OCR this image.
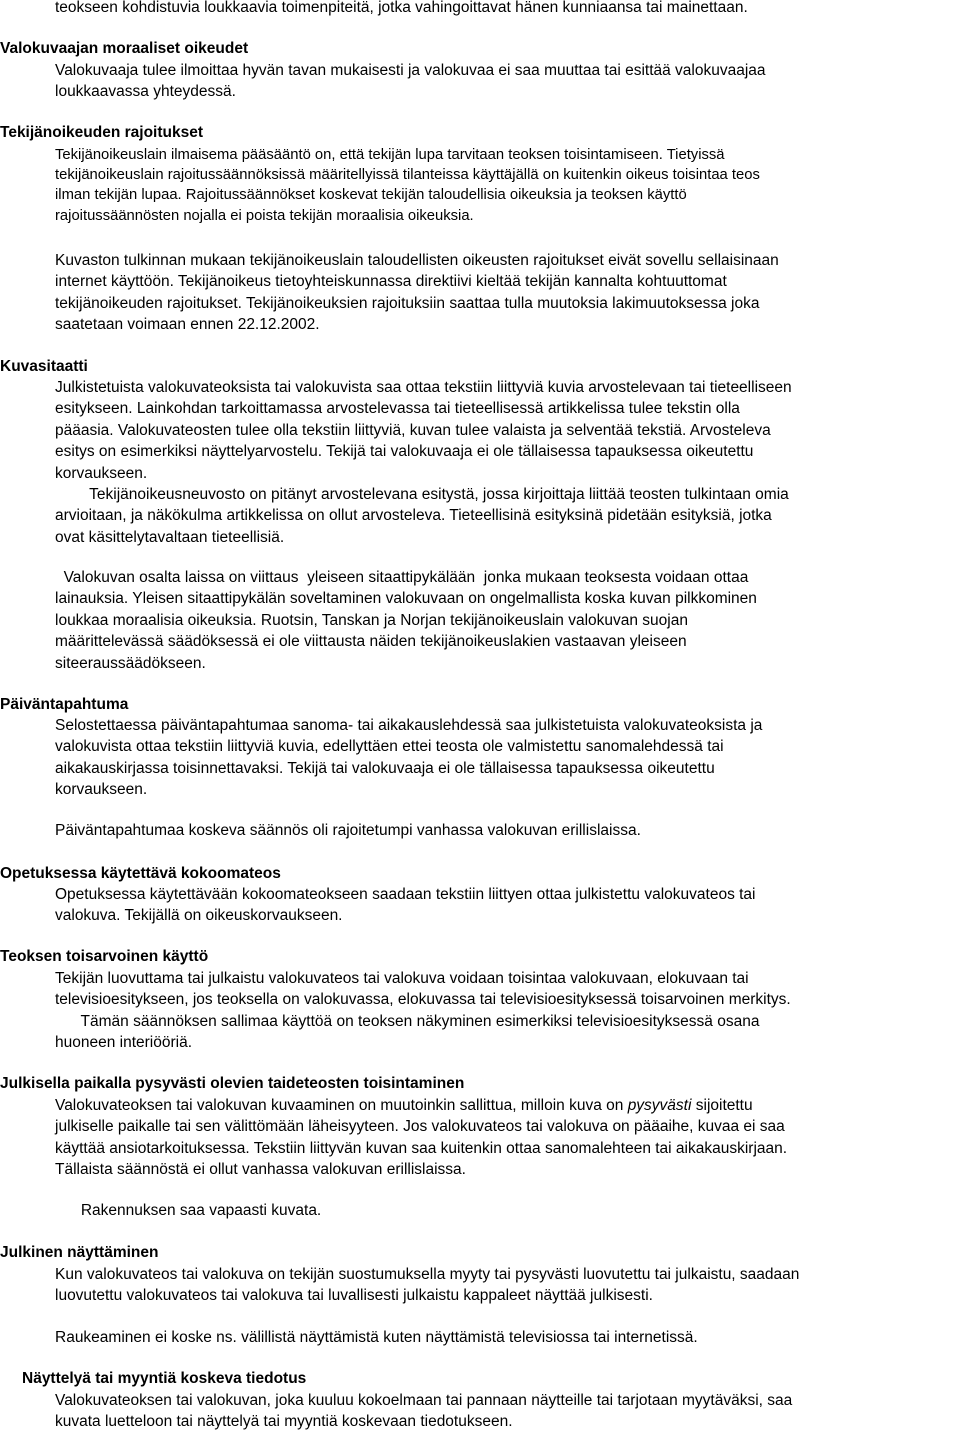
teokseen kohdistuvia loukkaavia toimenpiteitä, jotka vahingoittavat hänen kunniaansa tai mainettaan.

Valokuvaajan moraaliset oikeudet

Valokuvaaja tulee ilmoittaa hyvän tavan mukaisesti ja valokuvaa ei saa muuttaa tai esittää valokuvaajaa
loukkaavassa yhteydessä.

Tekijänoikeuden rajoitukset

Tekijänoikeuslain ilmaisema pääsääntö on, että tekijän lupa tarvitaan teoksen toisintamiseen. Tietyissä
tekijänoikeuslain rajoitussäännöksissä määritellyissä tilanteissa käyttäjällä on kuitenkin oikeus toisintaa teos
ilman tekijän lupaa. Rajoitussäännökset koskevat tekijän taloudellisia oikeuksia ja teoksen käyttö
rajoitussäännösten nojalla ei poista tekijän moraalisia oikeuksia.

Kuvaston tulkinnan mukaan tekijänoikeuslain taloudellisten oikeusten rajoitukset eivät sovellu sellaisinaan
internet käyttöön. Tekijänoikeus tietoyhteiskunnassa direktiivi kieltää tekijän kannalta kohtuuttomat
tekijänoikeuden rajoitukset. Tekijänoikeuksien rajoituksiin saattaa tulla muutoksia lakimuutoksessa joka
saatetaan voimaan ennen 22.12.2002.

Kuvasitaatti

Julkistetuista valokuvateoksista tai valokuvista saa ottaa tekstiin liittyviä kuvia arvostelevaan tai tieteelliseen
esitykseen. Lainkohdan tarkoittamassa arvostelevassa tai tieteellisessä artikkelissa tulee tekstin olla
pääasia. Valokuvateosten tulee olla tekstiin liittyviä, kuvan tulee valaista ja selventää tekstiä. Arvosteleva
esitys on esimerkiksi näyttelyarvostelu. Tekijä tai valokuvaaja ei ole tällaisessa tapauksessa oikeutettu
korvaukseen.
Tekijänoikeusneuvosto on pitänyt arvostelevana esitystä, jossa kirjoittaja liittää teosten tulkintaan omia
arvioitaan, ja näkökulma artikkelissa on ollut arvosteleva. Tieteellisinä esityksinä pidetään esityksiä, jotka
ovat käsittelytavaltaan tieteellisiä.

Valokuvan osalta laissa on viittaus  yleiseen sitaattipykälään  jonka mukaan teoksesta voidaan ottaa
lainauksia. Yleisen sitaattipykälän soveltaminen valokuvaan on ongelmallista koska kuvan pilkkominen
loukkaa moraalisia oikeuksia. Ruotsin, Tanskan ja Norjan tekijänoikeuslain valokuvan suojan
määrittelevässä säädöksessä ei ole viittausta näiden tekijänoikeuslakien vastaavan yleiseen
siteeraussäädökseen.

Päiväntapahtuma

Selostettaessa päiväntapahtumaa sanoma- tai aikakauslehdessä saa julkistetuista valokuvateoksista ja
valokuvista ottaa tekstiin liittyviä kuvia, edellyttäen ettei teosta ole valmistettu sanomalehdessä tai
aikakauskirjassa toisinnettavaksi. Tekijä tai valokuvaaja ei ole tällaisessa tapauksessa oikeutettu
korvaukseen.

Päiväntapahtumaa koskeva säännös oli rajoitetumpi vanhassa valokuvan erillislaissa.

Opetuksessa käytettävä kokoomateos

Opetuksessa käytettävään kokoomateokseen saadaan tekstiin liittyen ottaa julkistettu valokuvateos tai
valokuva. Tekijällä on oikeuskorvaukseen.

Teoksen toisarvoinen käyttö

Tekijän luovuttama tai julkaistu valokuvateos tai valokuva voidaan toisintaa valokuvaan, elokuvaan tai
televisioesitykseen, jos teoksella on valokuvassa, elokuvassa tai televisioesityksessä toisarvoinen merkitys.
Tämän säännöksen sallimaa käyttöä on teoksen näkyminen esimerkiksi televisioesityksessä osana
huoneen interiööriä.

Julkisella paikalla pysyvästi olevien taideteosten toisintaminen

Valokuvateoksen tai valokuvan kuvaaminen on muutoinkin sallittua, milloin kuva on pysyvästi sijoitettu
julkiselle paikalle tai sen välittömään läheisyyteen. Jos valokuvateos tai valokuva on pääaihe, kuvaa ei saa
käyttää ansiotarkoituksessa. Tekstiin liittyvän kuvan saa kuitenkin ottaa sanomalehteen tai aikakauskirjaan.
Tällaista säännöstä ei ollut vanhassa valokuvan erillislaissa.

Rakennuksen saa vapaasti kuvata.

Julkinen näyttäminen

Kun valokuvateos tai valokuva on tekijän suostumuksella myyty tai pysyvästi luovutettu tai julkaistu, saadaan
luovutettu valokuvateos tai valokuva tai luvallisesti julkaistu kappaleet näyttää julkisesti.

Raukeaminen ei koske ns. välillistä näyttämistä kuten näyttämistä televisiossa tai internetissä.

Näyttelyä tai myyntiä koskeva tiedotus

Valokuvateoksen tai valokuvan, joka kuuluu kokoelmaan tai pannaan näytteille tai tarjotaan myytäväksi, saa
kuvata luetteloon tai näyttelyä tai myyntiä koskevaan tiedotukseen.
